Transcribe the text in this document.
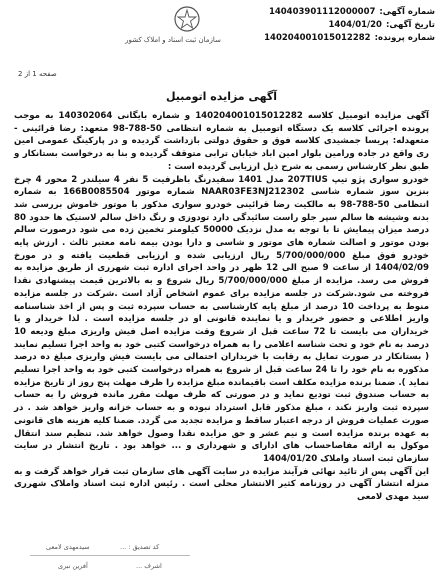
شماره آگهی:
140403901112000007
تاریخ آگهی:
1404/01/20
شماره پرونده:
140204001015012282
سازمان ثبت اسناد و املاک کشور
صفحه 1 از 2
آگهی مزایده اتومبیل

آگهی مزایده اتومبیل کلاسه 140204001015012282 و شماره بایگانی 140302064 به موجب پرونده اجرائی کلاسه یک دستگاه اتومبیل به شماره انتظامی 50-788-98 متعهد: رضا قرائینی - متعهدله: پریسا جمشیدی کلاسه فوق و حقوق دولتی بازداشت گردیده و در پارکینگ عمومی امین ری واقع در جاده ورامین بلوار امین اباد خیابان ترابی متوقف گردیده و بنا به درخواست بستانکار و طبق نظر کارشناس رسمی به شرح ذیل ارزیابی گردیده است :

خودرو سواری پژو تیپ 207TIUS مدل 1401 سفیدرنگ باظرفیت 5 نفر 4 سیلندر 2 محور 4 چرخ بنزین سوز شماره شاسی NAAR03FE3NJ212302 شماره موتور 166B0085504 به شماره انتظامی 50-788-98 به مالکیت رضا قرائینی خودرو سواری مذکور با موتور خاموش بررسی شد بدنه وشیشه ها سالم سپر جلو راست سائیدگی دارد تودوزی و رنگ داخل سالم لاستیک ها حدود 80 درصد میزان پیمایش تا با توجه به مدل نزدیک 50000 کیلومتر تخمین زده می شود درصورت سالم بودن موتور و اصالت شماره های موتور و شاسی و دارا بودن بیمه نامه معتبر ثالث . ارزش پایه خودرو فوق مبلغ 5/700/000/000 ریال ارزیابی شده و ارزیابی قطعیت یافته و در مورخ 1404/02/09 از ساعت 9 صبح الی 12 ظهر در واحد اجرای اداره ثبت شهرری از طریق مزایده به فروش می رسد. مزایده از مبلغ 5/700/000/000 ریال شروع و به بالاترین قیمت پیشنهادی نقدا فروخته می شود.شرکت در جلسه مزایده برای عموم اشخاص آزاد است .شرکت در جلسه مزایده منوط به پرداخت 10 درصد از مبلغ پایه کارشناسی به حساب سپرده ثبت و پس از اخذ شناسنامه واریز اطلاعی و حضور خریدار و یا نماینده قانونی او در جلسه مزایده است . لذا خریدار و یا خریداران می بایست تا 72 ساعت قبل از شروع وقت مزایده اصل فیش واریزی مبلغ ودیعه 10 درصد به نام خود و تحت شناسه اعلامی را به همراه درخواست کتبی خود به واحد اجرا تسلیم نمایند ( بستانکار در صورت تمایل به رقابت با خریداران احتمالی می بایست فیش واریزی مبلغ ده درصد مذکوره به نام خود را تا 24 ساعت قبل از شروع به همراه درخواست کتبی خود به واحد اجرا تسلیم نماید ). ضمنا برنده مزایده مکلف است باقیمانده مبلغ مزایده را ظرف مهلت پنج روز از تاریخ مزایده به حساب صندوق ثبت تودیع نماید و در صورتی که ظرف مهلت مقرر مانده فروش را به حساب سپرده ثبت واریز نکند ، مبلغ مذکور قابل استرداد نبوده و به حساب خزانه واریز خواهد شد . در صورت عملیات فروش از درجه اعتبار ساقط و مزایده تجدید می گردد. ضمنا کلیه هزینه های قانونی به عهده برنده مزایده است و نیم عشر و حق مزایده نقدا وصول خواهد شد. تنظیم سند انتقال موکول به ارائه مفاصاحساب های ادارای و شهرداری و ... خواهد بود . تاریخ انتشار در سایت سازمان ثبت اسناد واملاک 1404/01/20

این آگهی پس از تائید نهائی فرآیند مزایده در سایت آگهی های سازمان ثبت قرار خواهد گرفت و به منزله انتشار آگهی در روزنامه کثیر الانتشار محلی است . رئیس اداره ثبت اسناد واملاک شهرری سید مهدی لامعی

کد تصدیق : ...
سیدمهدی لامعی
اشرف ...
آفرین نبری
